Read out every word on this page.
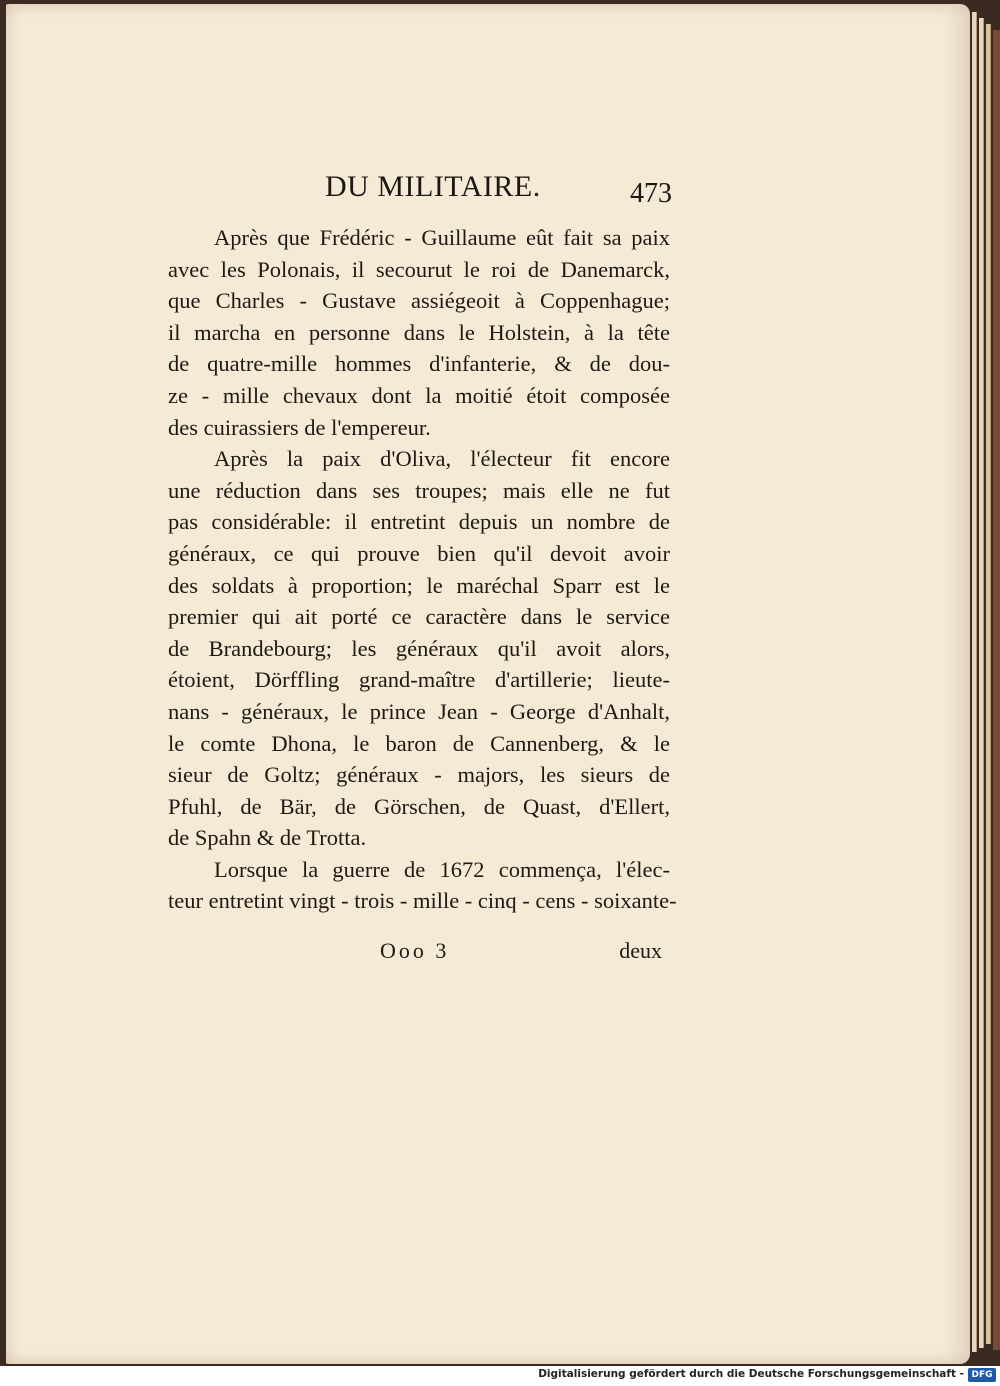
DU MILITAIRE.	473
Après que Frédéric - Guillaume eût fait sa paix
avec les Polonais, il secourut le roi de Danemarck,
que Charles - Gustave assiégeoit à Coppenhague;
il marcha en personne dans le Holstein, à la tête
de quatre-mille hommes d'infanterie, & de dou-
ze - mille chevaux dont la moitié étoit composée
des cuirassiers de l'empereur.
Après la paix d'Oliva, l'électeur fit encore
une réduction dans ses troupes; mais elle ne fut
pas considérable: il entretint depuis un nombre de
généraux, ce qui prouve bien qu'il devoit avoir
des soldats à proportion; le maréchal Sparr est le
premier qui ait porté ce caractère dans le service
de Brandebourg; les généraux qu'il avoit alors,
étoient, Dörffling grand-maître d'artillerie; lieute-
nans - généraux, le prince Jean - George d'Anhalt,
le comte Dhona, le baron de Cannenberg, & le
sieur de Goltz; généraux - majors, les sieurs de
Pfuhl, de Bär, de Görschen, de Quast, d'Ellert,
de Spahn & de Trotta.
Lorsque la guerre de 1672 commença, l'élec-
teur entretint vingt - trois - mille - cinq - cens - soixante-
Ooo 3	deux
Digitalisierung gefördert durch die Deutsche Forschungsgemeinschaft - DFG
